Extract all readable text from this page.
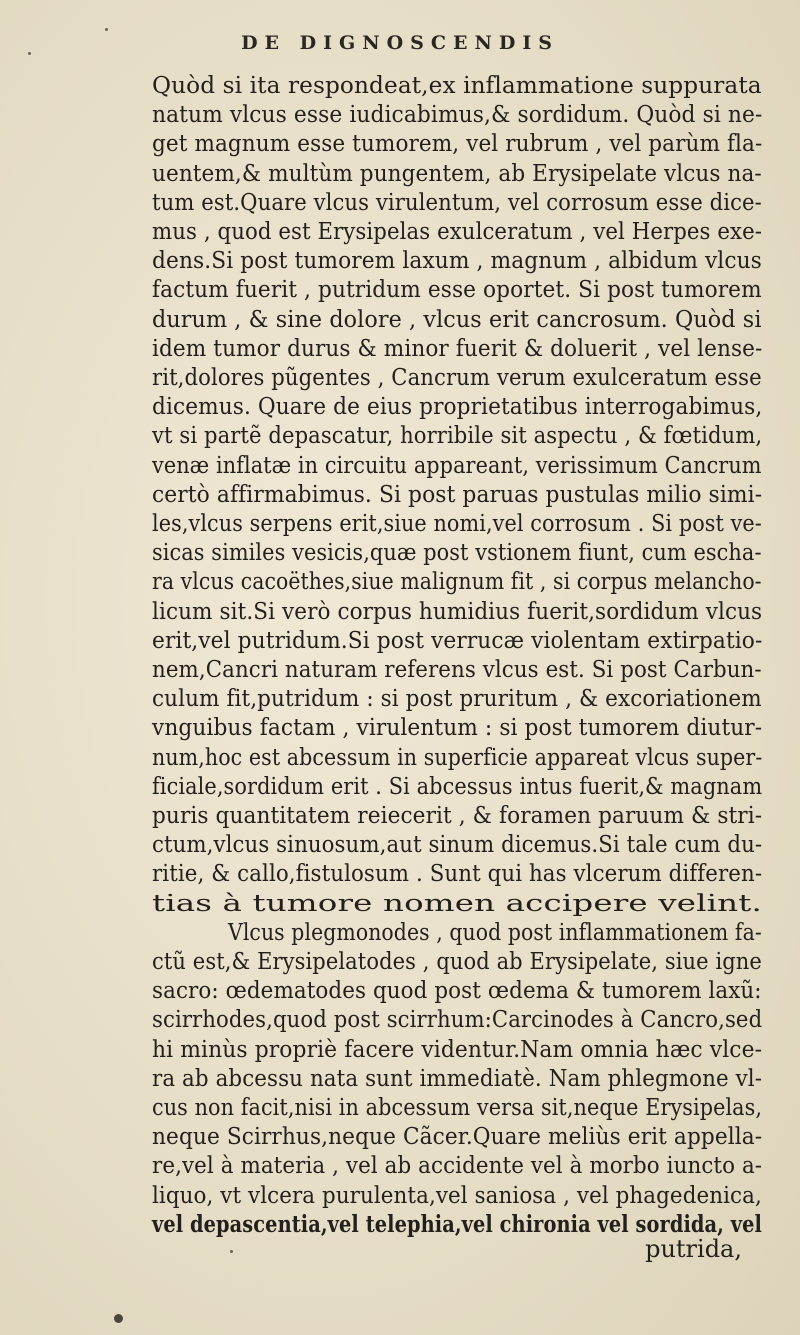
DE DIGNOSCENDIS
Quòd si ita respondeat,ex inflammatione suppurata
natum vlcus esse iudicabimus,& sordidum. Quòd si ne-
get magnum esse tumorem, vel rubrum , vel parùm fla-
uentem,& multùm pungentem, ab Erysipelate vlcus na-
tum est.Quare vlcus virulentum, vel corrosum esse dice-
mus , quod est Erysipelas exulceratum , vel Herpes exe-
dens.Si post tumorem laxum , magnum , albidum vlcus
factum fuerit , putridum esse oportet. Si post tumorem
durum , & sine dolore , vlcus erit cancrosum. Quòd si
idem tumor durus & minor fuerit & doluerit , vel lense-
rit,dolores pũgentes , Cancrum verum exulceratum esse
dicemus. Quare de eius proprietatibus interrogabimus,
vt si partẽ depascatur, horribile sit aspectu , & fœtidum,
venæ inflatæ in circuitu appareant, verissimum Cancrum
certò affirmabimus. Si post paruas pustulas milio simi-
les,vlcus serpens erit,siue nomi,vel corrosum . Si post ve-
sicas similes vesicis,quæ post vstionem fiunt, cum escha-
ra vlcus cacoëthes,siue malignum fit , si corpus melancho-
licum sit.Si verò corpus humidius fuerit,sordidum vlcus
erit,vel putridum.Si post verrucæ violentam extirpatio-
nem,Cancri naturam referens vlcus est. Si post Carbun-
culum fit,putridum : si post pruritum , & excoriationem
vnguibus factam , virulentum : si post tumorem diutur-
num,hoc est abcessum in superficie appareat vlcus super-
ficiale,sordidum erit . Si abcessus intus fuerit,& magnam
puris quantitatem reiecerit , & foramen paruum & stri-
ctum,vlcus sinuosum,aut sinum dicemus.Si tale cum du-
ritie, & callo,fistulosum . Sunt qui has vlcerum differen-
tias à tumore nomen accipere velint.
Vlcus plegmonodes , quod post inflammationem fa-
ctũ est,& Erysipelatodes , quod ab Erysipelate, siue igne
sacro: œdematodes quod post œdema & tumorem laxũ:
scirrhodes,quod post scirrhum:Carcinodes à Cancro,sed
hi minùs propriè facere videntur.Nam omnia hæc vlce-
ra ab abcessu nata sunt immediatè. Nam phlegmone vl-
cus non facit,nisi in abcessum versa sit,neque Erysipelas,
neque Scirrhus,neque Cãcer.Quare meliùs erit appella-
re,vel à materia , vel ab accidente vel à morbo iuncto a-
liquo, vt vlcera purulenta,vel saniosa , vel phagedenica,
vel depascentia,vel telephia,vel chironia vel sordida, vel
putrida,
